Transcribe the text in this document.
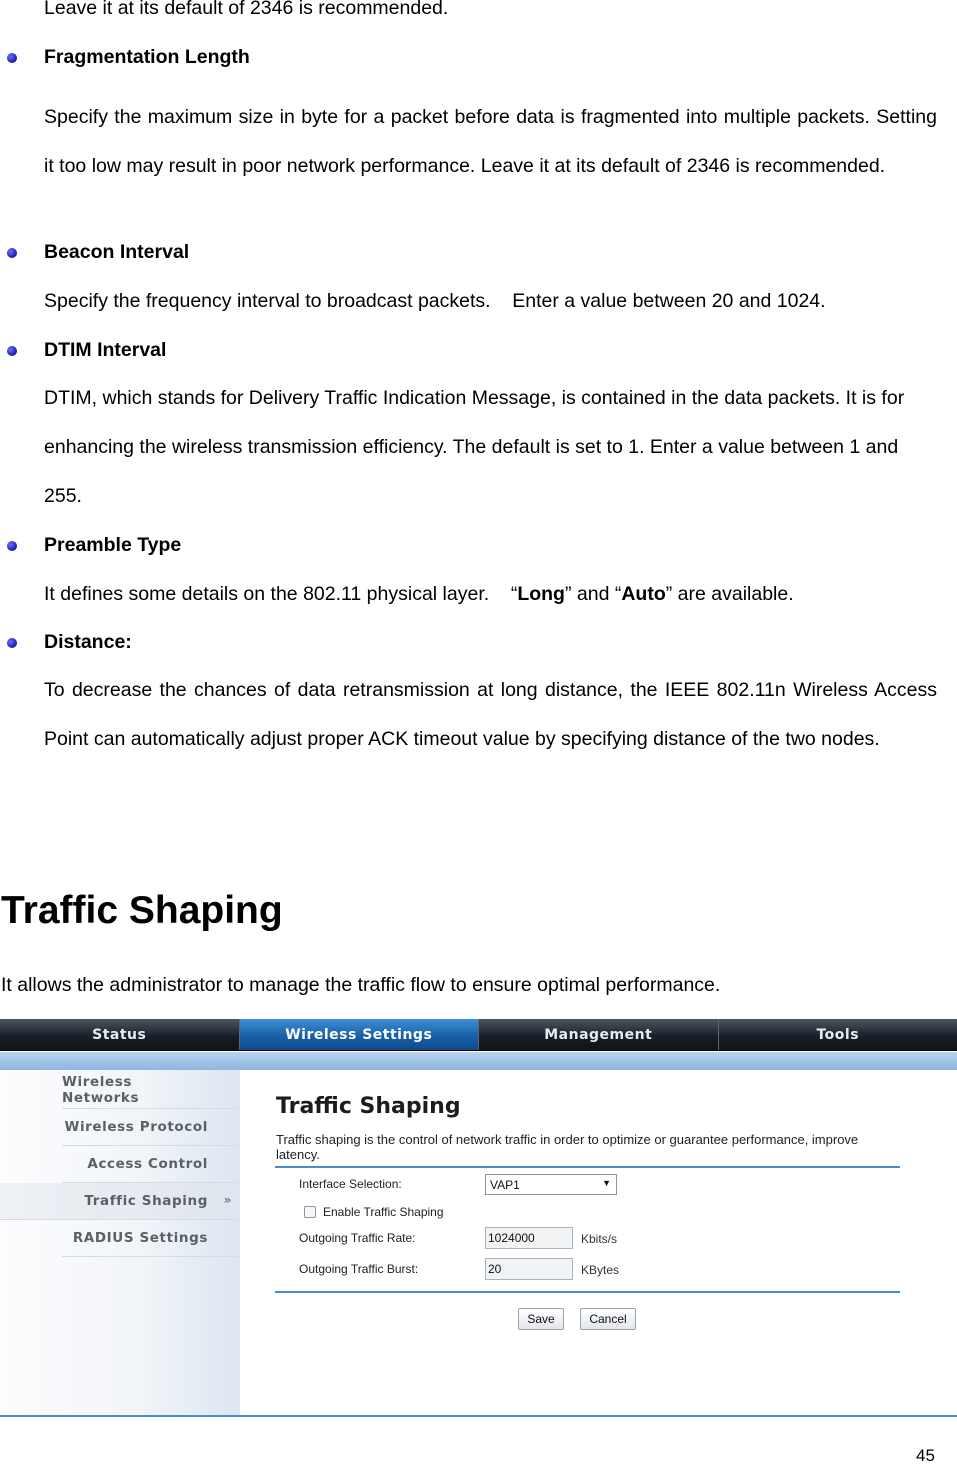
Leave it at its default of 2346 is recommended.
Fragmentation Length
Specify the maximum size in byte for a packet before data is fragmented into multiple packets. Setting it too low may result in poor network performance. Leave it at its default of 2346 is recommended.
Beacon Interval
Specify the frequency interval to broadcast packets.    Enter a value between 20 and 1024.
DTIM Interval
DTIM, which stands for Delivery Traffic Indication Message, is contained in the data packets. It is for enhancing the wireless transmission efficiency. The default is set to 1. Enter a value between 1 and 255.
Preamble Type
It defines some details on the 802.11 physical layer.    “Long” and “Auto” are available.
Distance:
To decrease the chances of data retransmission at long distance, the IEEE 802.11n Wireless Access Point can automatically adjust proper ACK timeout value by specifying distance of the two nodes.
Traffic Shaping
It allows the administrator to manage the traffic flow to ensure optimal performance.
Status	Wireless Settings	Management	Tools
Wireless Networks
Wireless Protocol
Access Control
Traffic Shaping »
RADIUS Settings
Traffic Shaping
Traffic shaping is the control of network traffic in order to optimize or guarantee performance, improve latency.
Interface Selection:	VAP1	▼
Enable Traffic Shaping
Outgoing Traffic Rate:	1024000	Kbits/s
Outgoing Traffic Burst:	20	KBytes
Save	Cancel
45
